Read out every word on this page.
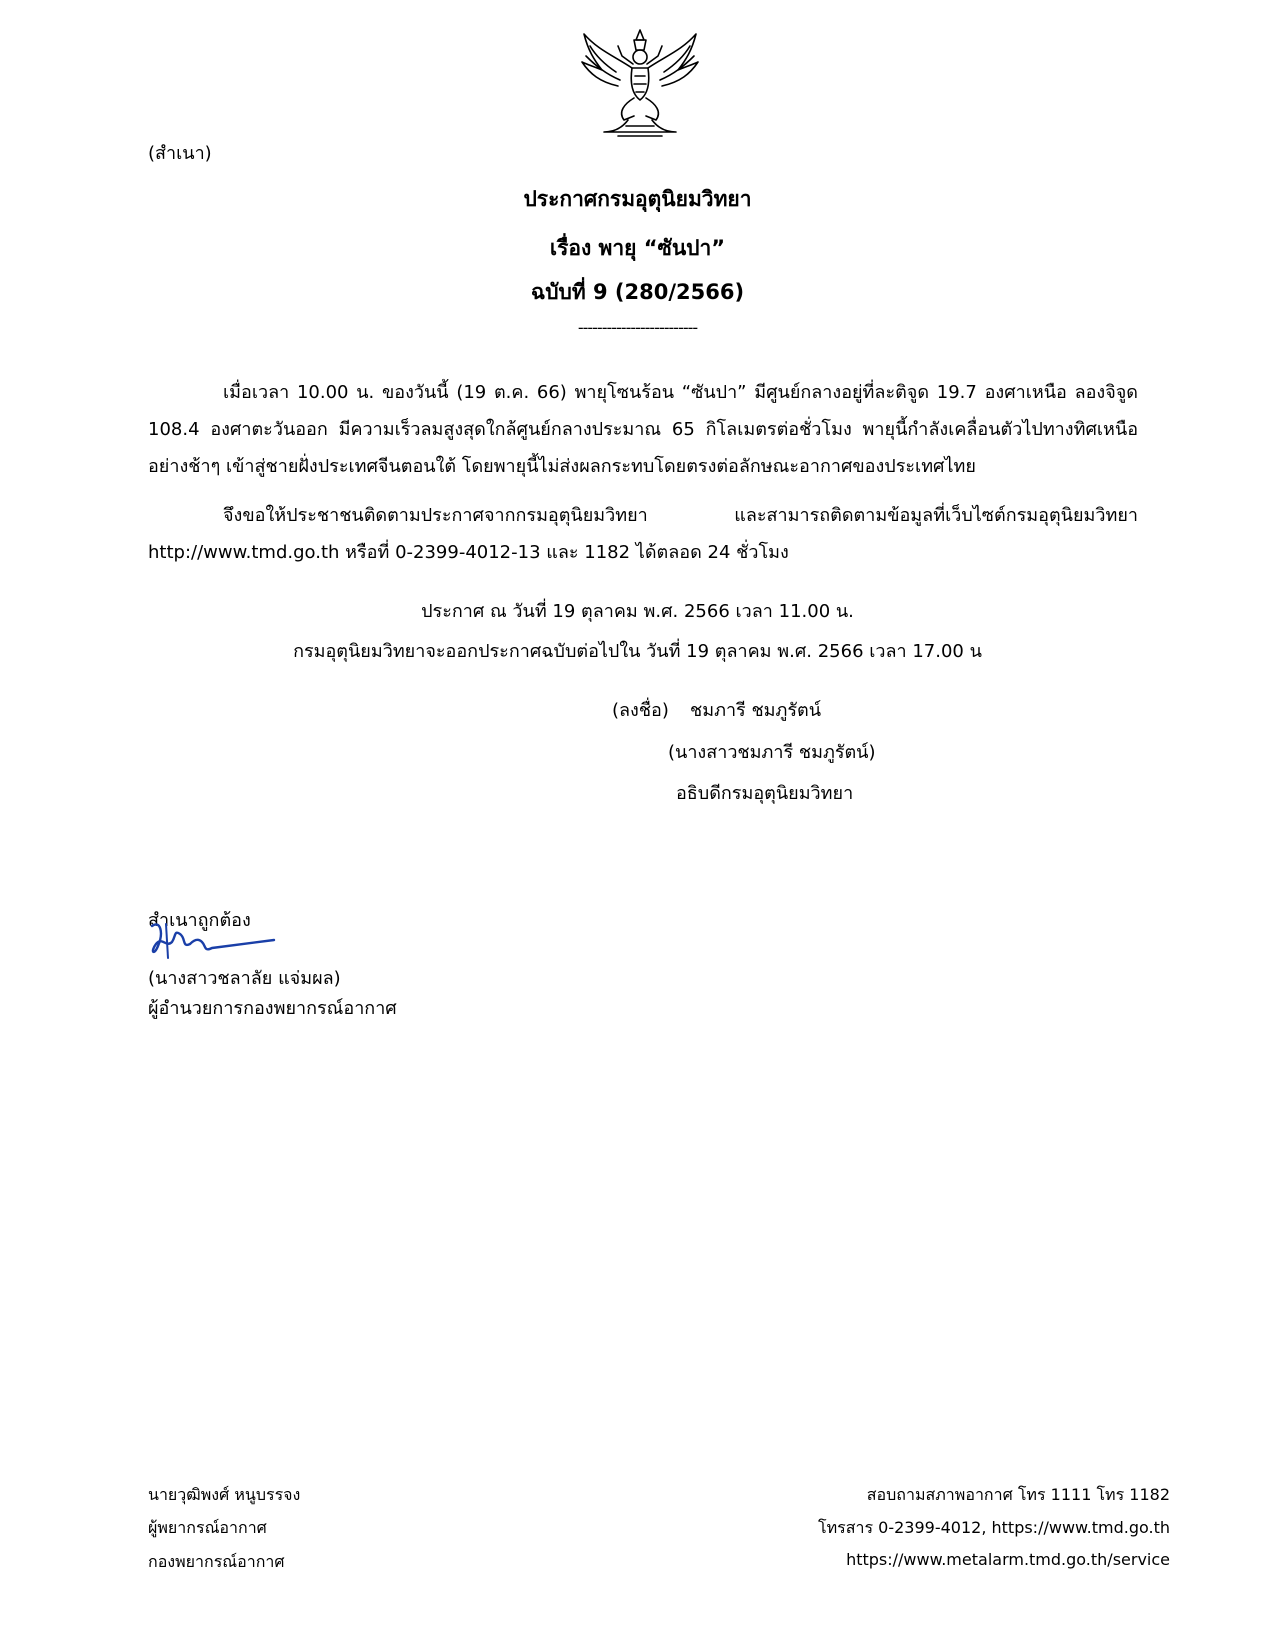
(สำเนา)
ประกาศกรมอุตุนิยมวิทยา
เรื่อง พายุ “ซันปา”
ฉบับที่ 9 (280/2566)
-------------------------
เมื่อเวลา 10.00 น. ของวันนี้ (19 ต.ค. 66) พายุโซนร้อน “ซันปา” มีศูนย์กลางอยู่ที่ละติจูด 19.7 องศาเหนือ ลองจิจูด 108.4 องศาตะวันออก มีความเร็วลมสูงสุดใกล้ศูนย์กลางประมาณ 65 กิโลเมตรต่อชั่วโมง พายุนี้กำลังเคลื่อนตัวไปทางทิศเหนืออย่างช้าๆ เข้าสู่ชายฝั่งประเทศจีนตอนใต้ โดยพายุนี้ไม่ส่งผลกระทบโดยตรงต่อลักษณะอากาศของประเทศไทย
จึงขอให้ประชาชนติดตามประกาศจากกรมอุตุนิยมวิทยา และสามารถติดตามข้อมูลที่เว็บไซต์กรมอุตุนิยมวิทยา http://www.tmd.go.th หรือที่ 0-2399-4012-13 และ 1182 ได้ตลอด 24 ชั่วโมง
ประกาศ ณ วันที่ 19 ตุลาคม พ.ศ. 2566 เวลา 11.00 น.
กรมอุตุนิยมวิทยาจะออกประกาศฉบับต่อไปใน วันที่ 19 ตุลาคม พ.ศ. 2566 เวลา 17.00 น
(ลงชื่อ) ชมภารี ชมภูรัตน์
(นางสาวชมภารี ชมภูรัตน์)
อธิบดีกรมอุตุนิยมวิทยา
สำเนาถูกต้อง
(นางสาวชลาลัย แจ่มผล)
ผู้อำนวยการกองพยากรณ์อากาศ
นายวุฒิพงศ์ หนูบรรจง
ผู้พยากรณ์อากาศ
กองพยากรณ์อากาศ
สอบถามสภาพอากาศ โทร 1111 โทร 1182
โทรสาร 0-2399-4012, https://www.tmd.go.th
https://www.metalarm.tmd.go.th/service
